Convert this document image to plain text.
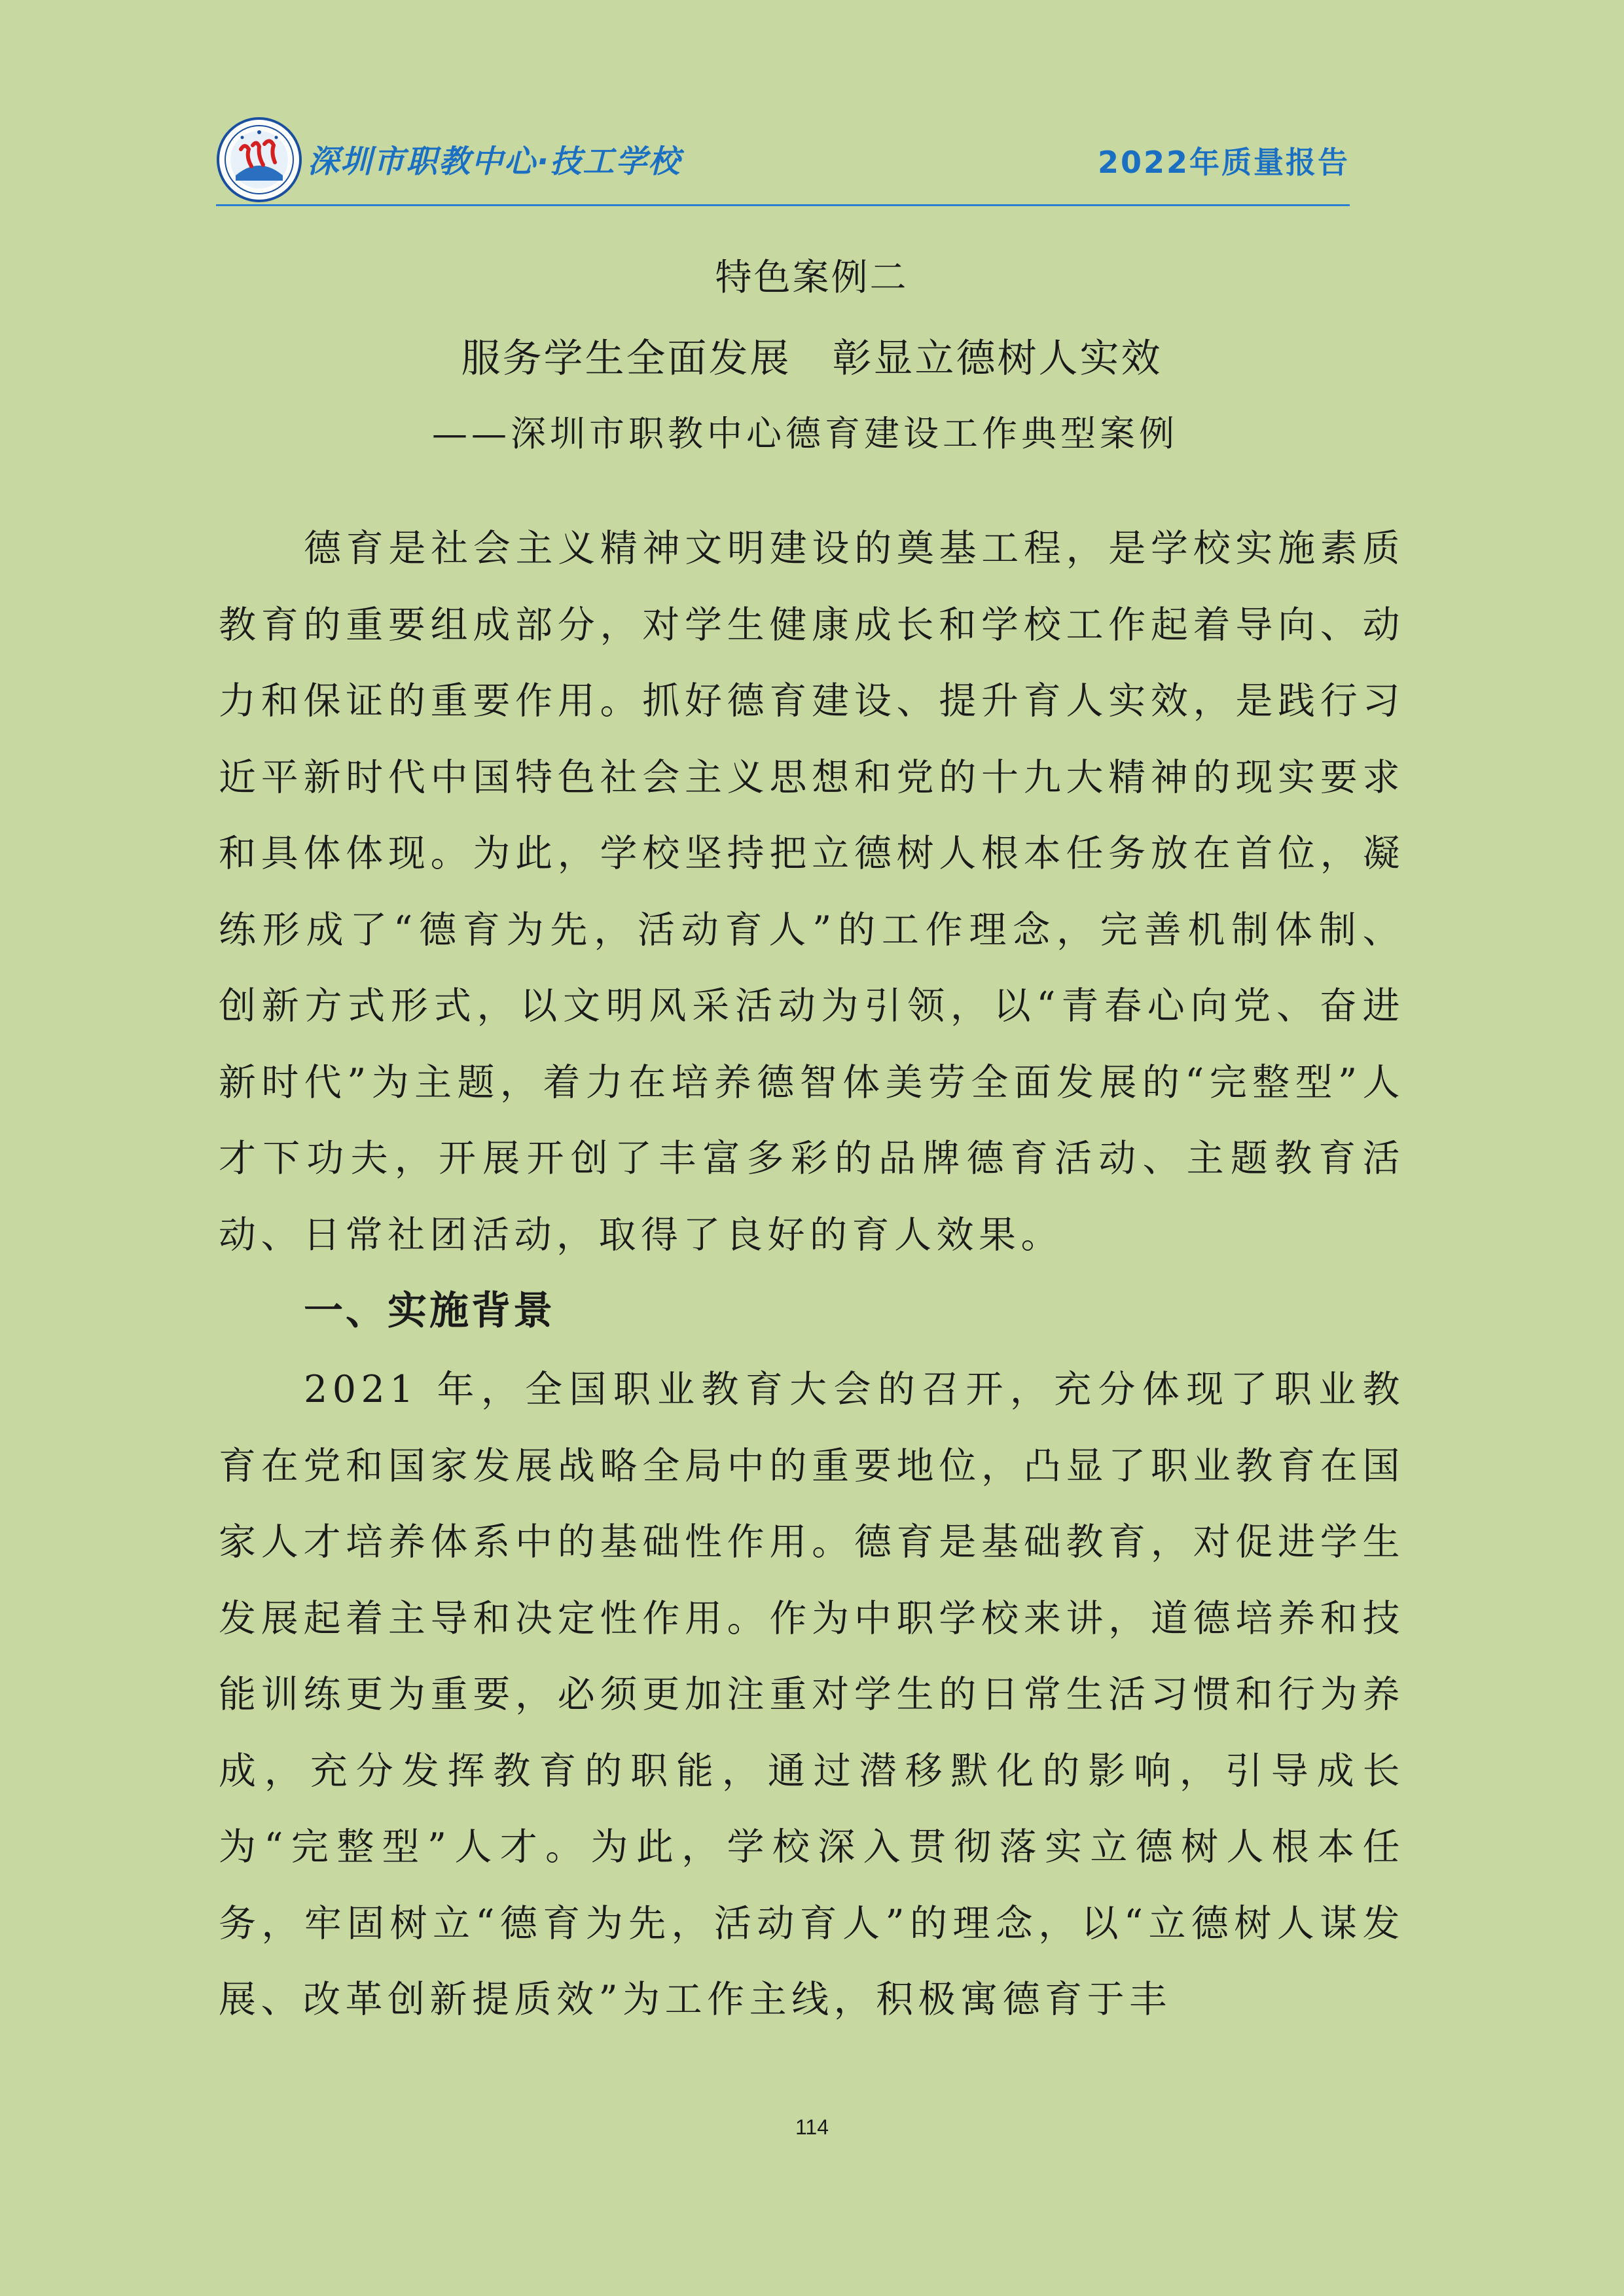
深圳市职教中心·技工学校	2022年质量报告
特色案例二
服务学生全面发展　彰显立德树人实效
——深圳市职教中心德育建设工作典型案例

德育是社会主义精神文明建设的奠基工程，是学校实施素质教育的重要组成部分，对学生健康成长和学校工作起着导向、动力和保证的重要作用。抓好德育建设、提升育人实效，是践行习近平新时代中国特色社会主义思想和党的十九大精神的现实要求和具体体现。为此，学校坚持把立德树人根本任务放在首位，凝练形成了“德育为先，活动育人”的工作理念，完善机制体制、创新方式形式，以文明风采活动为引领，以“青春心向党、奋进新时代”为主题，着力在培养德智体美劳全面发展的“完整型”人才下功夫，开展开创了丰富多彩的品牌德育活动、主题教育活动、日常社团活动，取得了良好的育人效果。

一、实施背景

2021 年，全国职业教育大会的召开，充分体现了职业教育在党和国家发展战略全局中的重要地位，凸显了职业教育在国家人才培养体系中的基础性作用。德育是基础教育，对促进学生发展起着主导和决定性作用。作为中职学校来讲，道德培养和技能训练更为重要，必须更加注重对学生的日常生活习惯和行为养成，充分发挥教育的职能，通过潜移默化的影响，引导成长为“完整型”人才。为此，学校深入贯彻落实立德树人根本任务，牢固树立“德育为先，活动育人”的理念，以“立德树人谋发展、改革创新提质效”为工作主线，积极寓德育于丰

114
